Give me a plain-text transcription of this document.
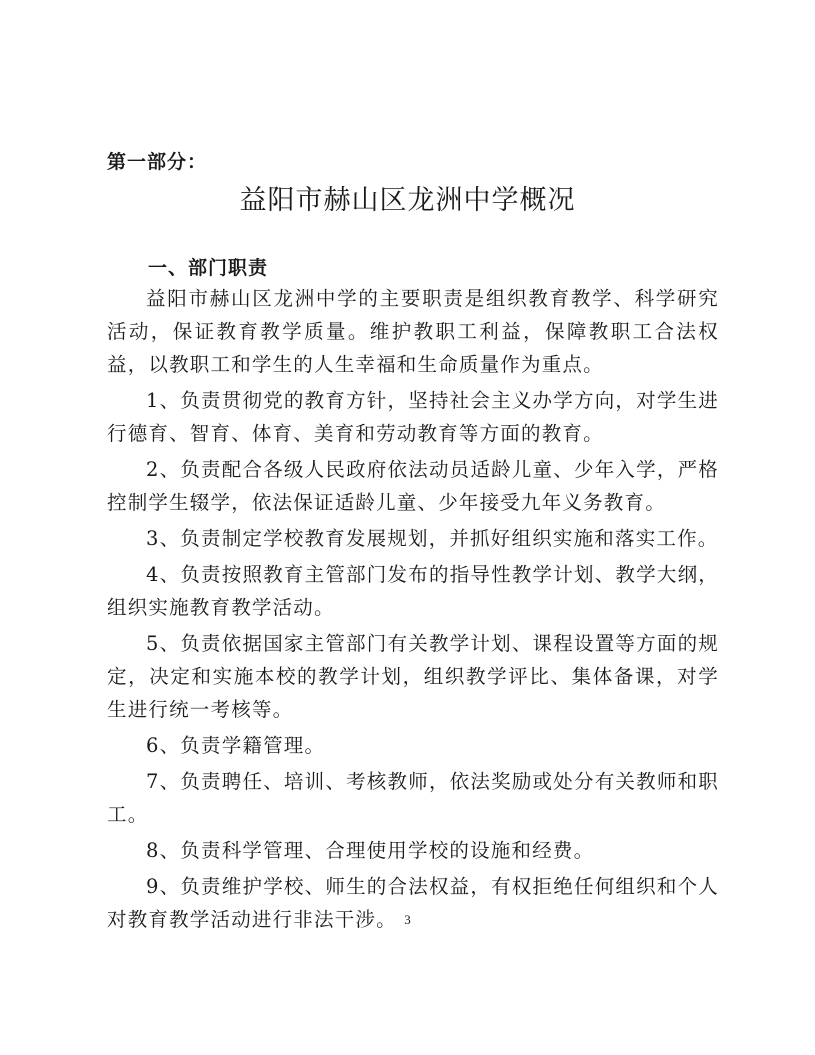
第一部分：
益阳市赫山区龙洲中学概况
一、部门职责

益阳市赫山区龙洲中学的主要职责是组织教育教学、科学研究活动，保证教育教学质量。维护教职工利益，保障教职工合法权益，以教职工和学生的人生幸福和生命质量作为重点。

1、负责贯彻党的教育方针，坚持社会主义办学方向，对学生进行德育、智育、体育、美育和劳动教育等方面的教育。

2、负责配合各级人民政府依法动员适龄儿童、少年入学，严格控制学生辍学，依法保证适龄儿童、少年接受九年义务教育。

3、负责制定学校教育发展规划，并抓好组织实施和落实工作。

4、负责按照教育主管部门发布的指导性教学计划、教学大纲，组织实施教育教学活动。

5、负责依据国家主管部门有关教学计划、课程设置等方面的规定，决定和实施本校的教学计划，组织教学评比、集体备课，对学生进行统一考核等。

6、负责学籍管理。

7、负责聘任、培训、考核教师，依法奖励或处分有关教师和职工。

8、负责科学管理、合理使用学校的设施和经费。

9、负责维护学校、师生的合法权益，有权拒绝任何组织和个人对教育教学活动进行非法干涉。 3
